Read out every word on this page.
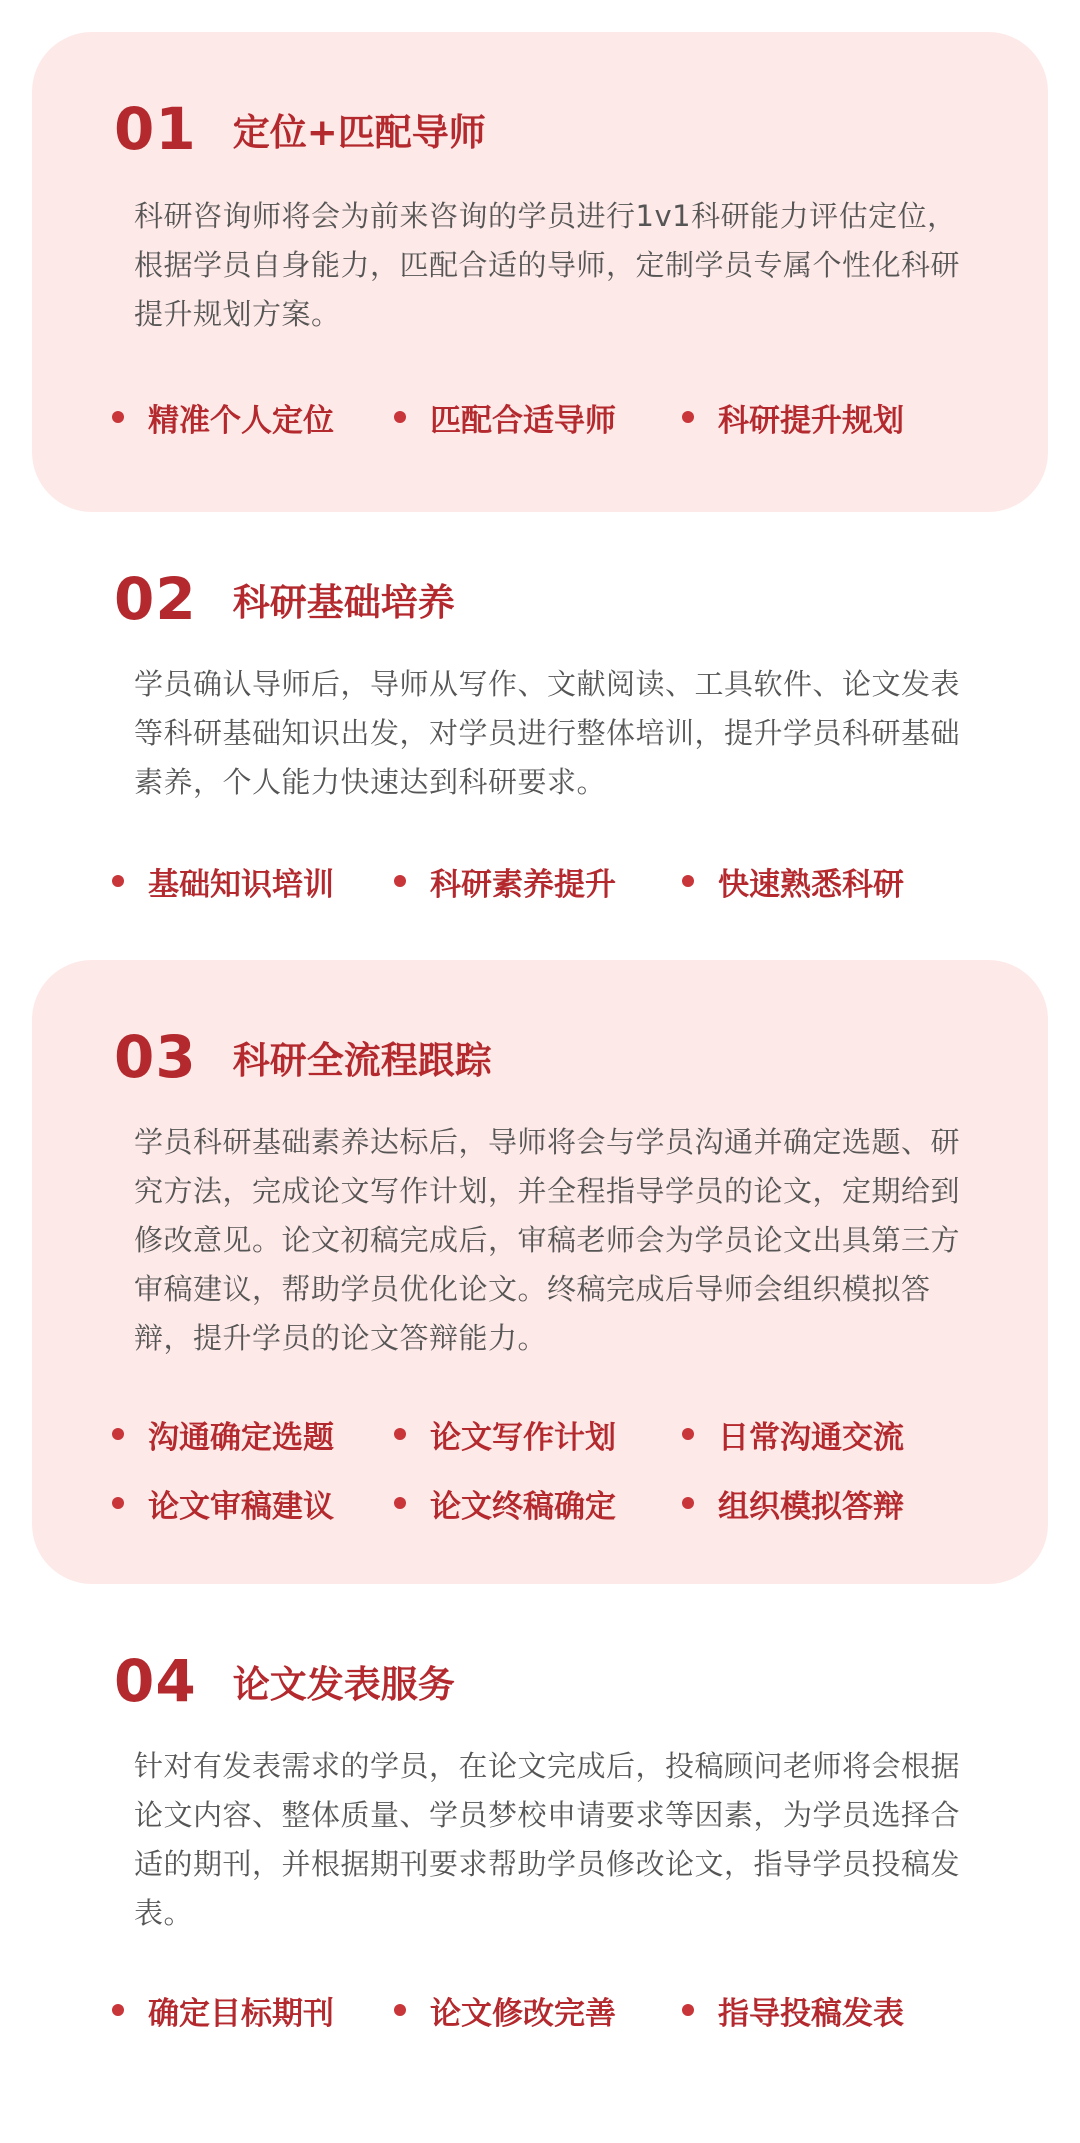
01 定位+匹配导师

科研咨询师将会为前来咨询的学员进行1v1科研能力评估定位，根据学员自身能力，匹配合适的导师，定制学员专属个性化科研提升规划方案。

精准个人定位	匹配合适导师	科研提升规划
02 科研基础培养

学员确认导师后，导师从写作、文献阅读、工具软件、论文发表等科研基础知识出发，对学员进行整体培训，提升学员科研基础素养，个人能力快速达到科研要求。

基础知识培训	科研素养提升	快速熟悉科研
03 科研全流程跟踪

学员科研基础素养达标后，导师将会与学员沟通并确定选题、研究方法，完成论文写作计划，并全程指导学员的论文，定期给到修改意见。论文初稿完成后，审稿老师会为学员论文出具第三方审稿建议，帮助学员优化论文。终稿完成后导师会组织模拟答辩，提升学员的论文答辩能力。

沟通确定选题	论文写作计划	日常沟通交流
论文审稿建议	论文终稿确定	组织模拟答辩
04 论文发表服务

针对有发表需求的学员，在论文完成后，投稿顾问老师将会根据论文内容、整体质量、学员梦校申请要求等因素，为学员选择合适的期刊，并根据期刊要求帮助学员修改论文，指导学员投稿发表。

确定目标期刊	论文修改完善	指导投稿发表
